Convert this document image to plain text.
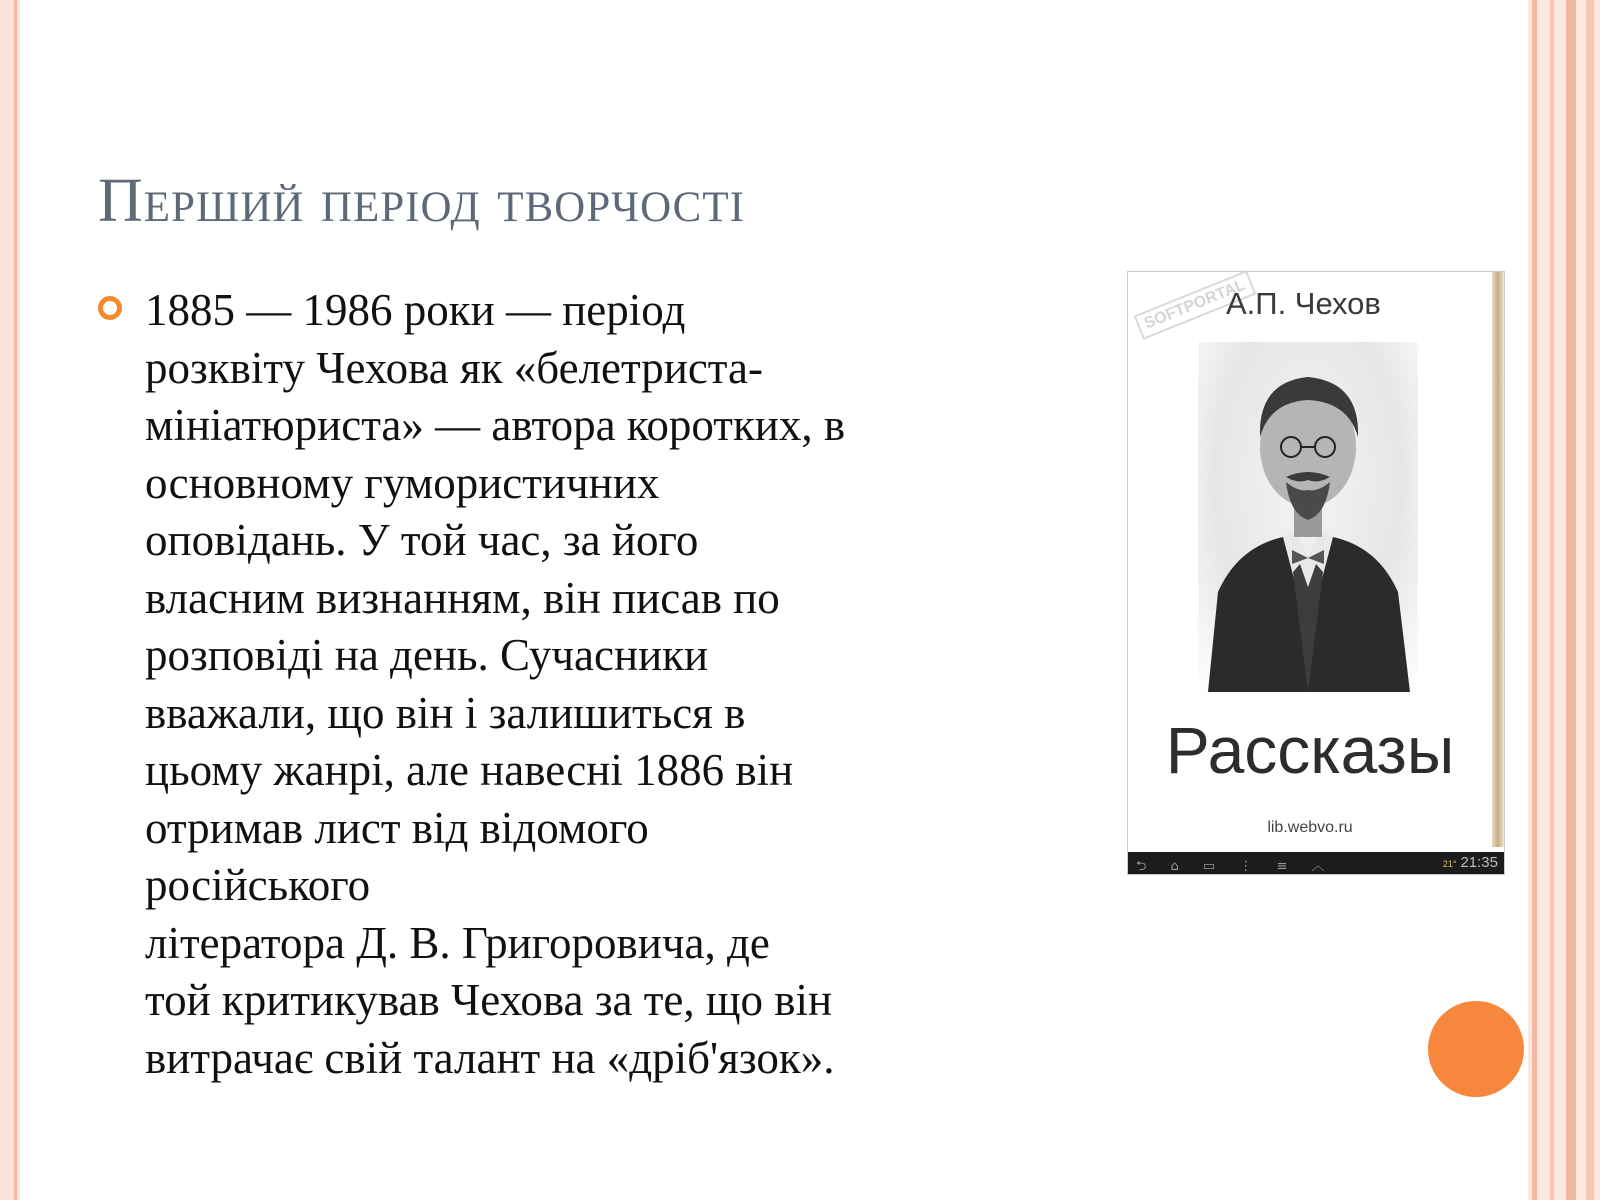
Перший період творчості

1885 — 1986 роки — період
розквіту Чехова як «белетриста-
мініатюриста» — автора коротких, в
основному гумористичних
оповідань. У той час, за його
власним визнанням, він писав по
розповіді на день. Сучасники
вважали, що він і залишиться в
цьому жанрі, але навесні 1886 він
отримав лист від відомого
російського
літератора Д. В. Григоровича, де
той критикував Чехова за те, що він
витрачає свій талант на «дріб'язок».

SOFTPORTAL
А.П. Чехов
Рассказы
lib.webvo.ru
⮌ ⌂ ▭ ⋮ ≡ ︿	21° 21:35
